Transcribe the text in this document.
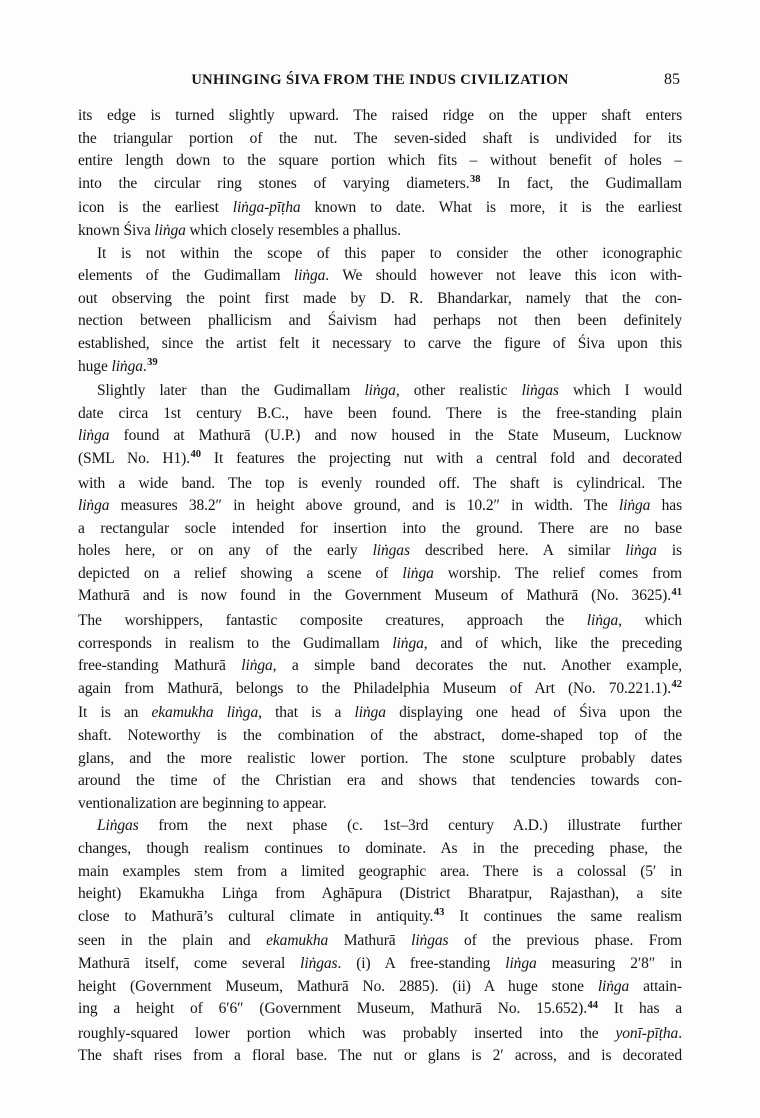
UNHINGING ŚIVA FROM THE INDUS CIVILIZATION	85
its edge is turned slightly upward. The raised ridge on the upper shaft enters
the triangular portion of the nut. The seven-sided shaft is undivided for its
entire length down to the square portion which fits – without benefit of holes –
into the circular ring stones of varying diameters.$^{38}$ In fact, the Gudimallam
icon is the earliest liṅga-pīṭha known to date. What is more, it is the earliest
known Śiva liṅga which closely resembles a phallus.
It is not within the scope of this paper to consider the other iconographic
elements of the Gudimallam liṅga. We should however not leave this icon with-
out observing the point first made by D. R. Bhandarkar, namely that the con-
nection between phallicism and Śaivism had perhaps not then been definitely
established, since the artist felt it necessary to carve the figure of Śiva upon this
huge liṅga.$^{39}$
Slightly later than the Gudimallam liṅga, other realistic liṅgas which I would
date circa 1st century B.C., have been found. There is the free-standing plain
liṅga found at Mathurā (U.P.) and now housed in the State Museum, Lucknow
(SML No. H1).$^{40}$ It features the projecting nut with a central fold and decorated
with a wide band. The top is evenly rounded off. The shaft is cylindrical. The
liṅga measures 38.2″ in height above ground, and is 10.2″ in width. The liṅga has
a rectangular socle intended for insertion into the ground. There are no base
holes here, or on any of the early liṅgas described here. A similar liṅga is
depicted on a relief showing a scene of liṅga worship. The relief comes from
Mathurā and is now found in the Government Museum of Mathurā (No. 3625).$^{41}$
The worshippers, fantastic composite creatures, approach the liṅga, which
corresponds in realism to the Gudimallam liṅga, and of which, like the preceding
free-standing Mathurā liṅga, a simple band decorates the nut. Another example,
again from Mathurā, belongs to the Philadelphia Museum of Art (No. 70.221.1).$^{42}$
It is an ekamukha liṅga, that is a liṅga displaying one head of Śiva upon the
shaft. Noteworthy is the combination of the abstract, dome-shaped top of the
glans, and the more realistic lower portion. The stone sculpture probably dates
around the time of the Christian era and shows that tendencies towards con-
ventionalization are beginning to appear.
Liṅgas from the next phase (c. 1st–3rd century A.D.) illustrate further
changes, though realism continues to dominate. As in the preceding phase, the
main examples stem from a limited geographic area. There is a colossal (5′ in
height) Ekamukha Liṅga from Aghāpura (District Bharatpur, Rajasthan), a site
close to Mathurā’s cultural climate in antiquity.$^{43}$ It continues the same realism
seen in the plain and ekamukha Mathurā liṅgas of the previous phase. From
Mathurā itself, come several liṅgas. (i) A free-standing liṅga measuring 2′8″ in
height (Government Museum, Mathurā No. 2885). (ii) A huge stone liṅga attain-
ing a height of 6′6″ (Government Museum, Mathurā No. 15.652).$^{44}$ It has a
roughly-squared lower portion which was probably inserted into the yonī-pīṭha.
The shaft rises from a floral base. The nut or glans is 2′ across, and is decorated
